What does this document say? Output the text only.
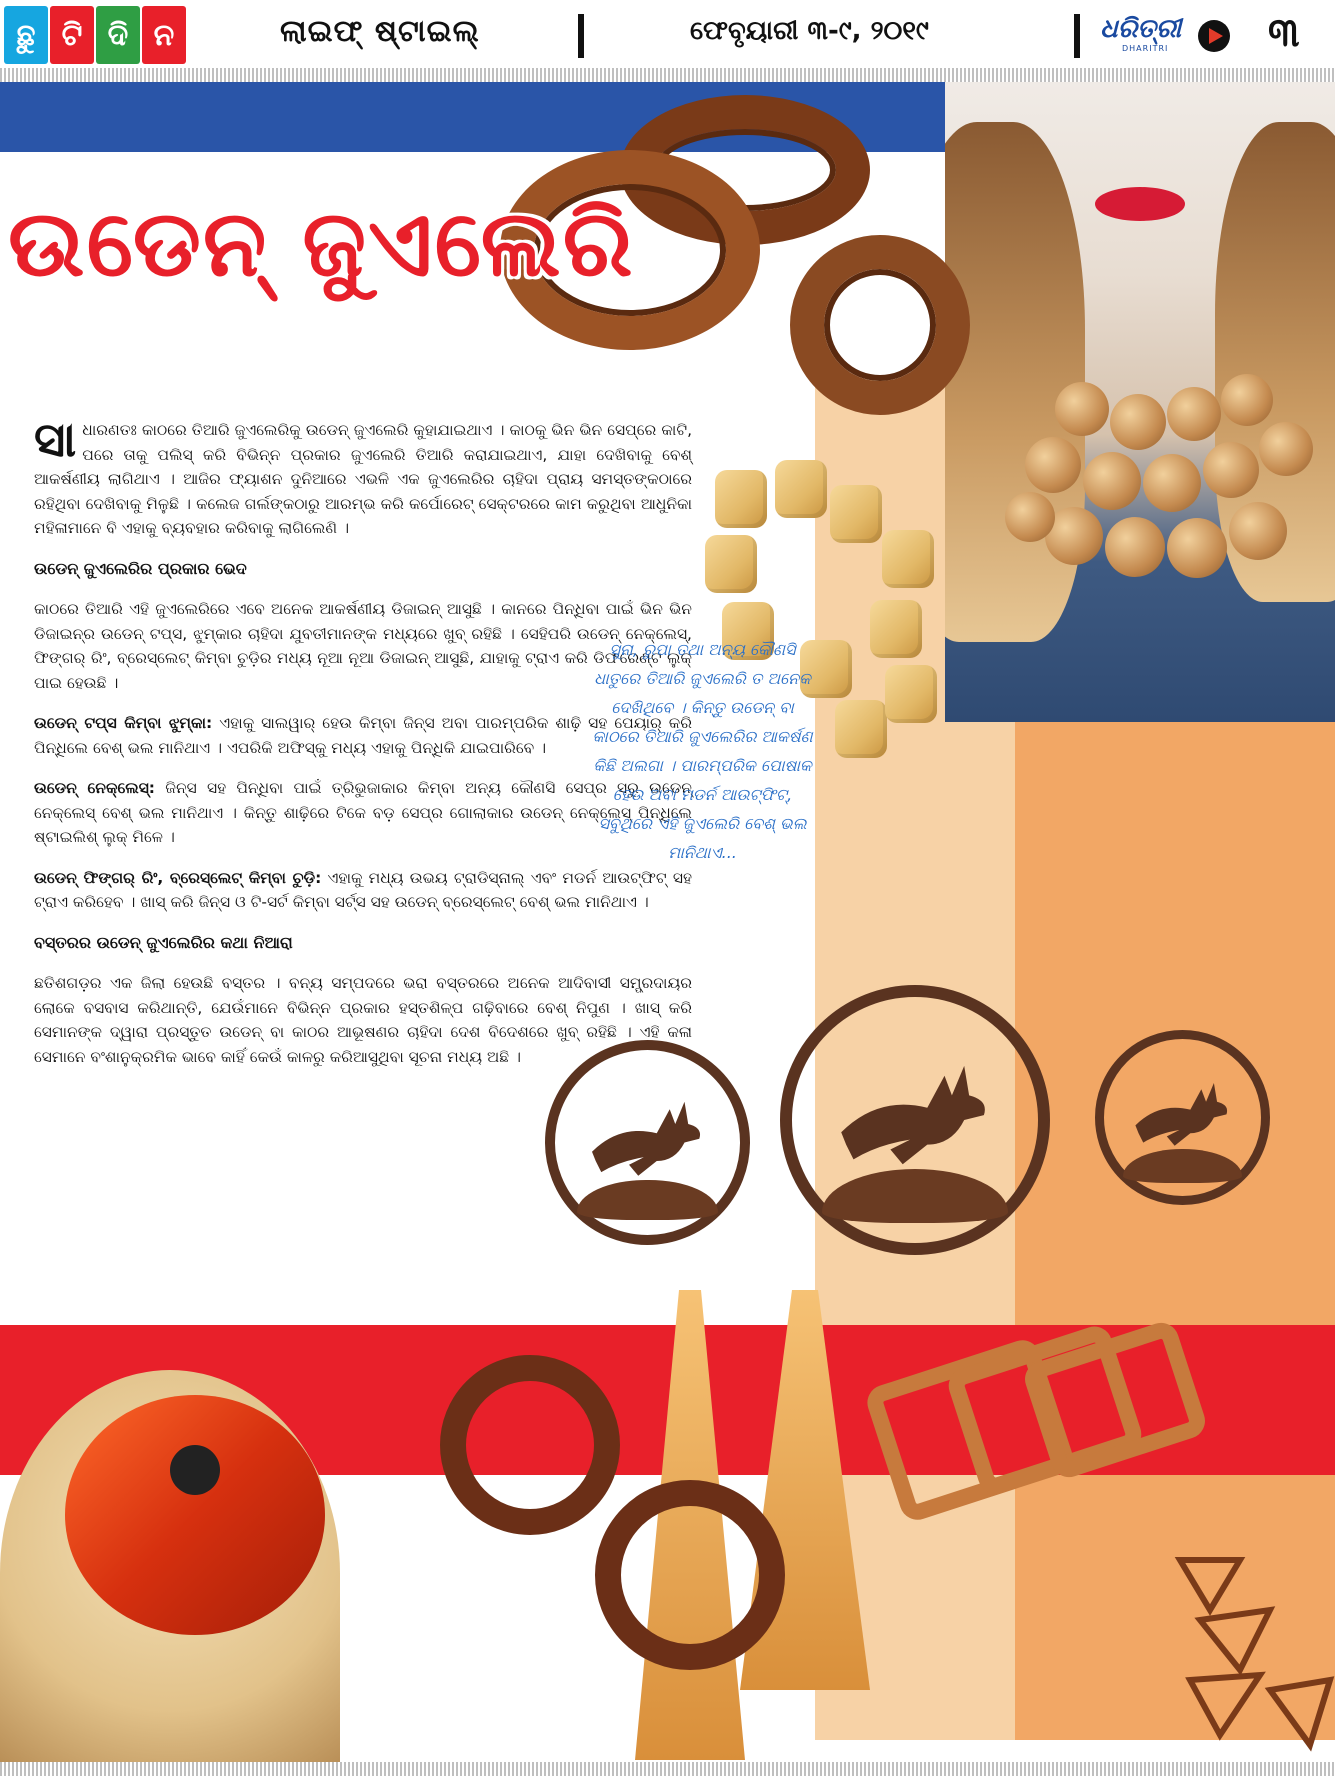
ଛୁ ଟି ଦି ନ	ଲାଇଫ୍ ଷ୍ଟାଇଲ୍	ଫେବୃୟାରୀ ୩-୯, ୨୦୧୯	ଧରିତ୍ରୀ
DHARITRI ୩
ଉଡେନ୍ ଜୁଏଲେରି

ସାଧାରଣତଃ କାଠରେ ତିଆରି ଜୁଏଲେରିକୁ ଉଡେନ୍ ଜୁଏଲେରି କୁହାଯାଇଥାଏ । କାଠକୁ ଭିନ ଭିନ ସେପ୍‌ରେ କାଟି, ପରେ ତାକୁ ପଲିସ୍ କରି ବିଭିନ୍ନ ପ୍ରକାର ଜୁଏଲେରି ତିଆରି କରାଯାଇଥାଏ, ଯାହା ଦେଖିବାକୁ ବେଶ୍ ଆକର୍ଷଣୀୟ ଲାଗିଥାଏ । ଆଜିର ଫ୍ୟାଶନ ଦୁନିଆରେ ଏଭଳି ଏକ ଜୁଏଲେରିର ଚାହିଦା ପ୍ରାୟ ସମସ୍ତଙ୍କଠାରେ ରହିଥିବା ଦେଖିବାକୁ ମିଳୁଛି । କଲେଜ ଗର୍ଲଙ୍କଠାରୁ ଆରମ୍ଭ କରି କର୍ପୋରେଟ୍ ସେକ୍ଟରରେ କାମ କରୁଥିବା ଆଧୁନିକା ମହିଳାମାନେ ବି ଏହାକୁ ବ୍ୟବହାର କରିବାକୁ ଲାଗିଲେଣି ।

ଉଡେନ୍ ଜୁଏଲେରିର ପ୍ରକାର ଭେଦ

କାଠରେ ତିଆରି ଏହି ଜୁଏଲେରିରେ ଏବେ ଅନେକ ଆକର୍ଷଣୀୟ ଡିଜାଇନ୍ ଆସୁଛି । କାନରେ ପିନ୍ଧିବା ପାଇଁ ଭିନ ଭିନ ଡିଜାଇନ୍‌ର ଉଡେନ୍ ଟପ୍ସ, ଝୁମ୍‌କାର ଚାହିଦା ଯୁବତୀମାନଙ୍କ ମଧ୍ୟରେ ଖୁବ୍ ରହିଛି । ସେହିପରି ଉଡେନ୍ ନେକ୍‌ଲେସ୍, ଫିଙ୍ଗର୍ ରିଂ, ବ୍ରେସ୍‌ଲେଟ୍ କିମ୍ବା ଚୁଡ଼ିର ମଧ୍ୟ ନୂଆ ନୂଆ ଡିଜାଇନ୍ ଆସୁଛି, ଯାହାକୁ ଟ୍ରାଏ କରି ଡିଫରେଣ୍ଟ ଲୁକ୍ ପାଇ ହେଉଛି ।

ଉଡେନ୍ ଟପ୍ସ କିମ୍ବା ଝୁମ୍‌କା: ଏହାକୁ ସାଲୱାର୍ ହେଉ କିମ୍ବା ଜିନ୍ସ ଅବା ପାରମ୍ପରିକ ଶାଢ଼ି ସହ ପେୟାର୍ କରି ପିନ୍ଧିଲେ ବେଶ୍ ଭଲ ମାନିଥାଏ । ଏପରିକି ଅଫିସ୍‌କୁ ମଧ୍ୟ ଏହାକୁ ପିନ୍ଧିକି ଯାଇପାରିବେ ।

ଉଡେନ୍ ନେକ୍‌ଲେସ୍: ଜିନ୍ସ ସହ ପିନ୍ଧିବା ପାଇଁ ତ୍ରିଭୁଜାକାର କିମ୍ବା ଅନ୍ୟ କୌଣସି ସେପ୍‌ର ସରୁ ଉଡେନ୍ ନେକ୍‌ଲେସ୍ ବେଶ୍ ଭଲ ମାନିଥାଏ । କିନ୍ତୁ ଶାଢ଼ିରେ ଟିକେ ବଡ଼ ସେପ୍‌ର ଗୋଲାକାର ଉଡେନ୍ ନେକ୍‌ଲେସ୍ ପିନ୍ଧିଲେ ଷ୍ଟାଇଲିଶ୍ ଲୁକ୍ ମିଳେ ।

ଉଡେନ୍ ଫିଙ୍ଗର୍ ରିଂ, ବ୍ରେସ୍‌ଲେଟ୍ କିମ୍ବା ଚୁଡ଼ି: ଏହାକୁ ମଧ୍ୟ ଉଭୟ ଟ୍ରାଡିସ୍‌ନାଲ୍ ଏବଂ ମଡର୍ନ ଆଉଟ୍‌ଫିଟ୍ ସହ ଟ୍ରାଏ କରିହେବ । ଖାସ୍ କରି ଜିନ୍ସ ଓ ଟି-ସର୍ଟ କିମ୍ବା ସର୍ଟ୍ସ ସହ ଉଡେନ୍ ବ୍ରେସ୍‌ଲେଟ୍ ବେଶ୍ ଭଲ ମାନିଥାଏ ।

ବସ୍ତରର ଉଡେନ୍ ଜୁଏଲେରିର କଥା ନିଆରା

ଛତିଶଗଡ଼ର ଏକ ଜିଲା ହେଉଛି ବସ୍ତର । ବନ୍ୟ ସମ୍ପଦରେ ଭରା ବସ୍ତରରେ ଅନେକ ଆଦିବାସୀ ସମ୍ପ୍ରଦାୟର ଲୋକେ ବସବାସ କରିଥାନ୍ତି, ଯେଉଁମାନେ ବିଭିନ୍ନ ପ୍ରକାର ହସ୍ତଶିଳ୍ପ ଗଢ଼ିବାରେ ବେଶ୍ ନିପୁଣ । ଖାସ୍ କରି ସେମାନଙ୍କ ଦ୍ୱାରା ପ୍ରସ୍ତୁତ ଉଡେନ୍ ବା କାଠର ଆଭୂଷଣର ଚାହିଦା ଦେଶ ବିଦେଶରେ ଖୁବ୍ ରହିଛି । ଏହି କଳା ସେମାନେ ବଂଶାନୁକ୍ରମିକ ଭାବେ କାହିଁ କେଉଁ କାଳରୁ କରିଆସୁଥିବା ସୂଚନା ମଧ୍ୟ ଅଛି ।

ସୁନା, ରୁପା ତଥା ଅନ୍ୟ କୌଣସି ଧାତୁରେ ତିଆରି ଜୁଏଲେରି ତ ଅନେକ ଦେଖିଥିବେ । କିନ୍ତୁ ଉଡେନ୍ ବା କାଠରେ ତିଆରି ଜୁଏଲେରିର ଆକର୍ଷଣ କିଛି ଅଲଗା । ପାରମ୍ପରିକ ପୋଷାକ ହେଉ ଅବା ମଡର୍ନ ଆଉଟ୍‌ଫିଟ୍, ସବୁଥିରେ ଏହି ଜୁଏଲେରି ବେଶ୍ ଭଲ ମାନିଥାଏ...
